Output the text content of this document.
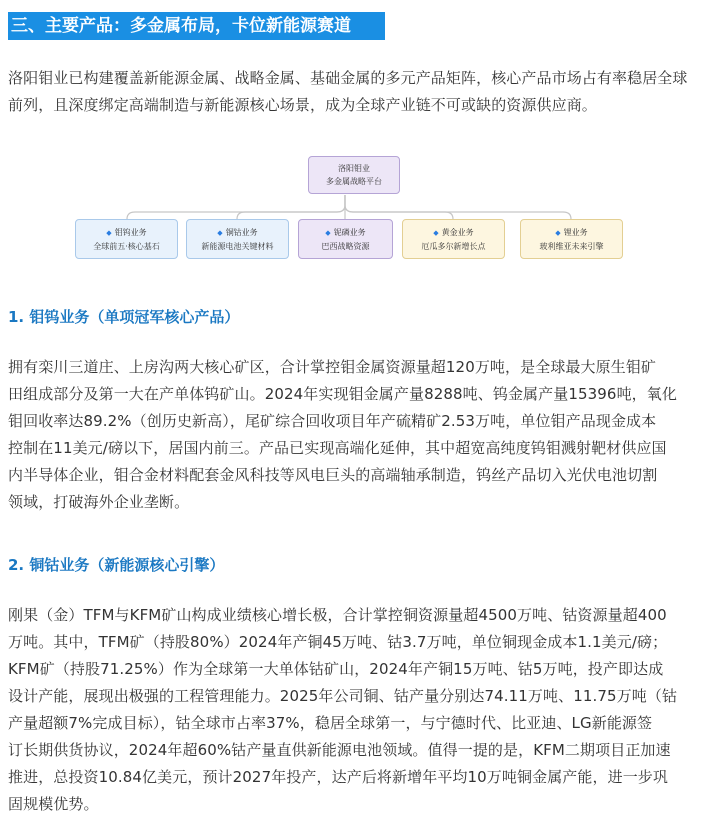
三、主要产品：多金属布局，卡位新能源赛道

洛阳钼业已构建覆盖新能源金属、战略金属、基础金属的多元产品矩阵，核心产品市场占有率稳居全球前列，且深度绑定高端制造与新能源核心场景，成为全球产业链不可或缺的资源供应商。

洛阳钼业
多金属战略平台
◆ 钼钨业务
全球前五·核心基石
◆ 铜钴业务
新能源电池关键材料
◆ 铌磷业务
巴西战略资源
◆ 黄金业务
厄瓜多尔新增长点
◆ 锂业务
玻利维亚未来引擎

1. 钼钨业务（单项冠军核心产品）

拥有栾川三道庄、上房沟两大核心矿区，合计掌控钼金属资源量超120万吨，是全球最大原生钼矿
田组成部分及第一大在产单体钨矿山。2024年实现钼金属产量8288吨、钨金属产量15396吨，氧化
钼回收率达89.2%（创历史新高），尾矿综合回收项目年产硫精矿2.53万吨，单位钼产品现金成本
控制在11美元/磅以下，居国内前三。产品已实现高端化延伸，其中超宽高纯度钨钼溅射靶材供应国
内半导体企业，钼合金材料配套金风科技等风电巨头的高端轴承制造，钨丝产品切入光伏电池切割
领域，打破海外企业垄断。

2. 铜钴业务（新能源核心引擎）

刚果（金）TFM与KFM矿山构成业绩核心增长极，合计掌控铜资源量超4500万吨、钴资源量超400
万吨。其中，TFM矿（持股80%）2024年产铜45万吨、钴3.7万吨，单位铜现金成本1.1美元/磅；
KFM矿（持股71.25%）作为全球第一大单体钴矿山，2024年产铜15万吨、钴5万吨，投产即达成
设计产能，展现出极强的工程管理能力。2025年公司铜、钴产量分别达74.11万吨、11.75万吨（钴
产量超额7%完成目标），钴全球市占率37%，稳居全球第一，与宁德时代、比亚迪、LG新能源签
订长期供货协议，2024年超60%钴产量直供新能源电池领域。值得一提的是，KFM二期项目正加速
推进，总投资10.84亿美元，预计2027年投产，达产后将新增年平均10万吨铜金属产能，进一步巩
固规模优势。
